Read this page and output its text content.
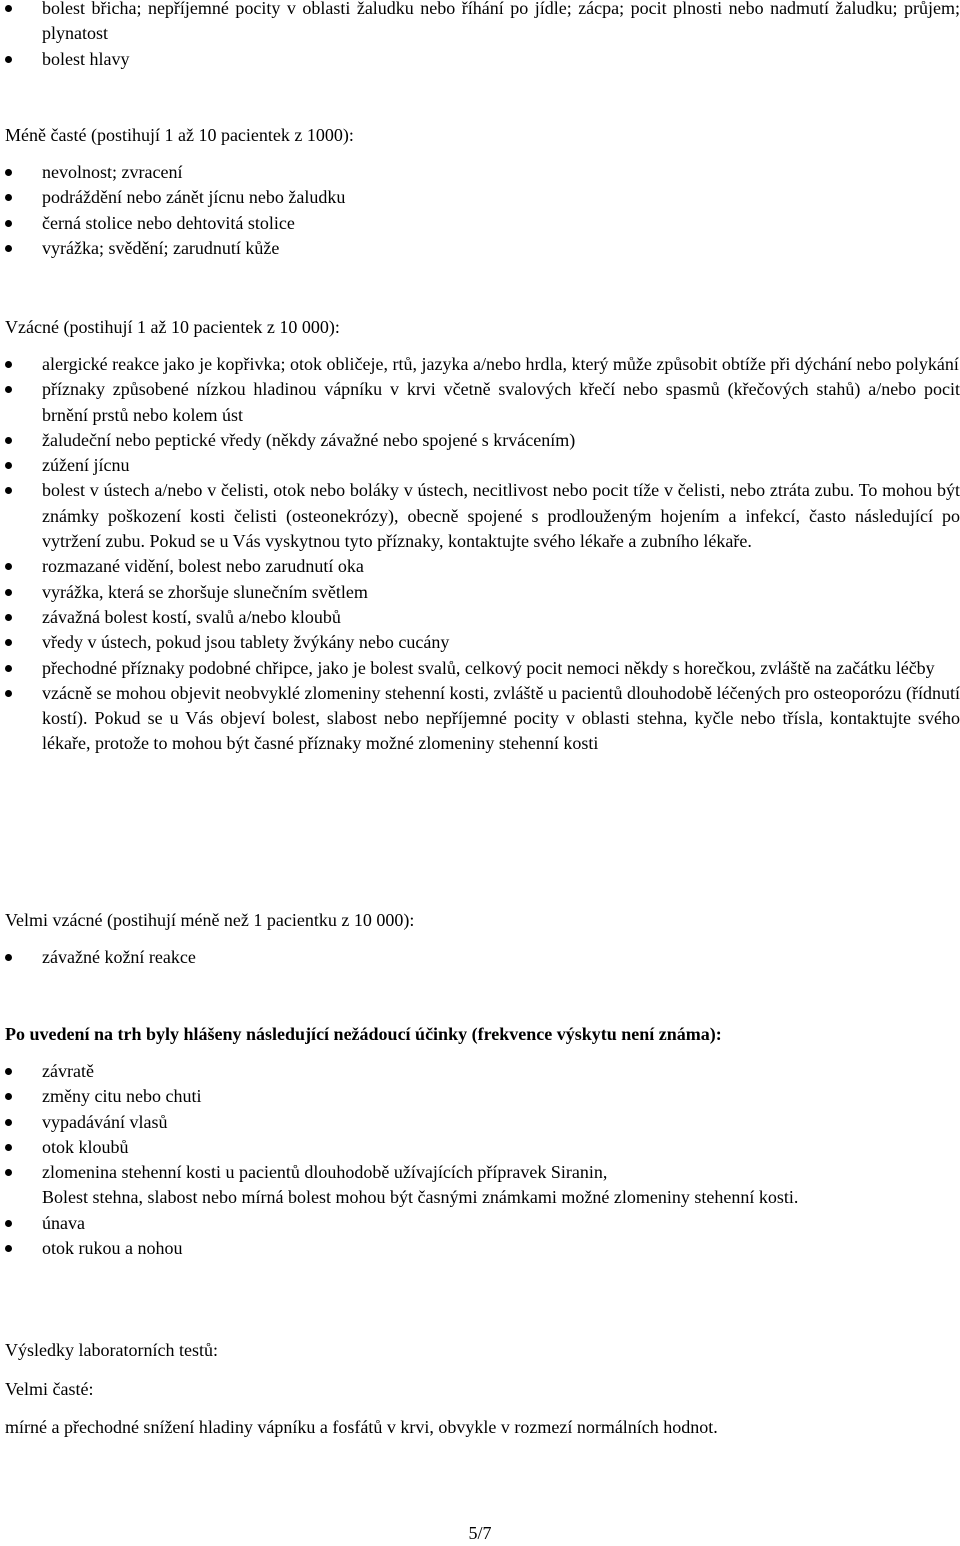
bolest břicha; nepříjemné pocity v oblasti žaludku nebo říhání po jídle; zácpa; pocit plnosti nebo nadmutí žaludku; průjem; plynatost
bolest hlavy

Méně časté (postihují 1 až 10 pacientek z 1000):

nevolnost; zvracení
podráždění nebo zánět jícnu nebo žaludku
černá stolice nebo dehtovitá stolice
vyrážka; svědění; zarudnutí kůže

Vzácné (postihují 1 až 10 pacientek z 10 000):

alergické reakce jako je kopřivka; otok obličeje, rtů, jazyka a/nebo hrdla, který může způsobit obtíže při dýchání nebo polykání
příznaky způsobené nízkou hladinou vápníku v krvi včetně svalových křečí nebo spasmů (křečových stahů) a/nebo pocit brnění prstů nebo kolem úst
žaludeční nebo peptické vředy (někdy závažné nebo spojené s krvácením)
zúžení jícnu
bolest v ústech a/nebo v čelisti, otok nebo boláky v ústech, necitlivost nebo pocit tíže v čelisti, nebo ztráta zubu. To mohou být známky poškození kosti čelisti (osteonekrózy), obecně spojené s prodlouženým hojením a infekcí, často následující po vytržení zubu. Pokud se u Vás vyskytnou tyto příznaky, kontaktujte svého lékaře a zubního lékaře.
rozmazané vidění, bolest nebo zarudnutí oka
vyrážka, která se zhoršuje slunečním světlem
závažná bolest kostí, svalů a/nebo kloubů
vředy v ústech, pokud jsou tablety žvýkány nebo cucány
přechodné příznaky podobné chřipce, jako je bolest svalů, celkový pocit nemoci někdy s horečkou, zvláště na začátku léčby
vzácně se mohou objevit neobvyklé zlomeniny stehenní kosti, zvláště u pacientů dlouhodobě léčených pro osteoporózu (řídnutí kostí). Pokud se u Vás objeví bolest, slabost nebo nepříjemné pocity v oblasti stehna, kyčle nebo třísla, kontaktujte svého lékaře, protože to mohou být časné příznaky možné zlomeniny stehenní kosti

Velmi vzácné (postihují méně než 1 pacientku z 10 000):

závažné kožní reakce

Po uvedení na trh byly hlášeny následující nežádoucí účinky (frekvence výskytu není známa):

závratě
změny citu nebo chuti
vypadávání vlasů
otok kloubů
zlomenina stehenní kosti u pacientů dlouhodobě užívajících přípravek Siranin,
Bolest stehna, slabost nebo mírná bolest mohou být časnými známkami možné zlomeniny stehenní kosti.
únava
otok rukou a nohou

Výsledky laboratorních testů:

Velmi časté:

mírné a přechodné snížení hladiny vápníku a fosfátů v krvi, obvykle v rozmezí normálních hodnot.

5/7
